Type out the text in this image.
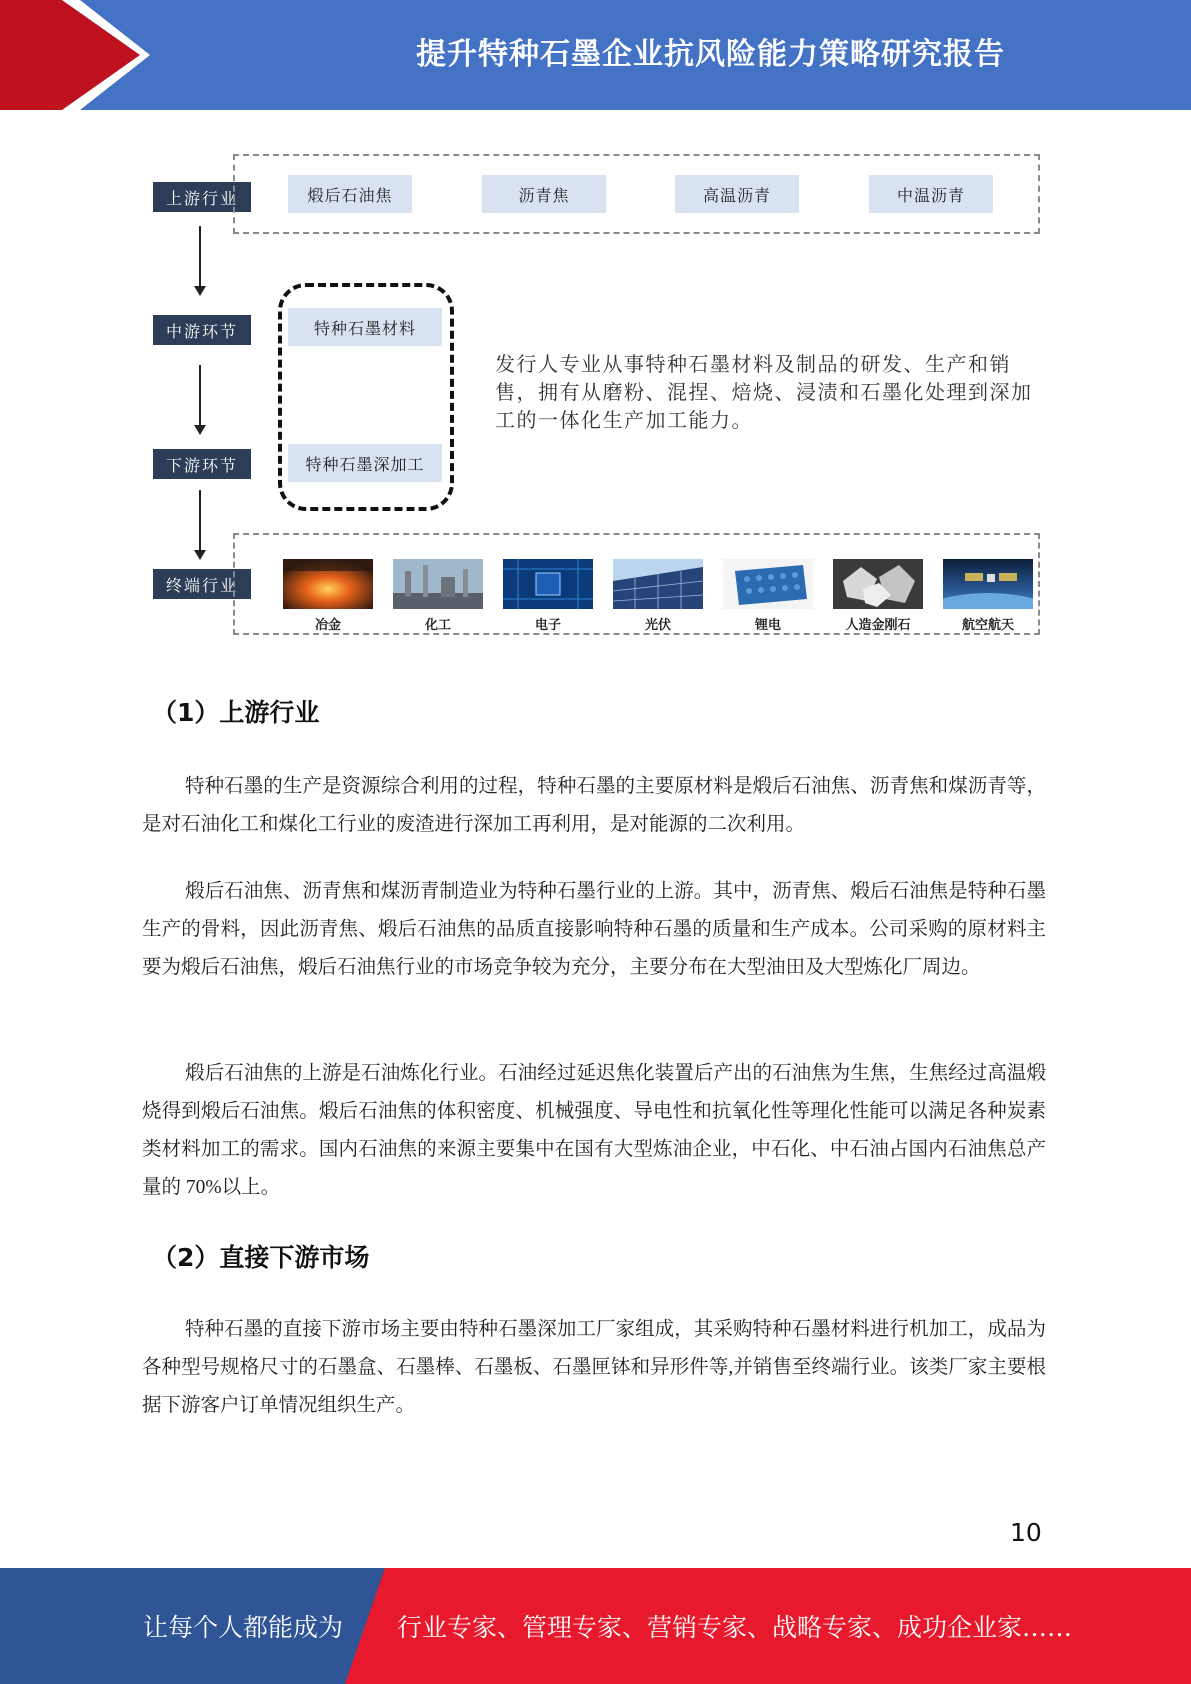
提升特种石墨企业抗风险能力策略研究报告
上游行业
中游环节
下游环节
终端行业
煅后石油焦	沥青焦	高温沥青	中温沥青
特种石墨材料
特种石墨深加工
发行人专业从事特种石墨材料及制品的研发、生产和销售，拥有从磨粉、混捏、焙烧、浸渍和石墨化处理到深加工的一体化生产加工能力。
冶金	化工	电子	光伏	锂电	人造金刚石	航空航天
（1）上游行业

特种石墨的生产是资源综合利用的过程，特种石墨的主要原材料是煅后石油焦、沥青焦和煤沥青等，是对石油化工和煤化工行业的废渣进行深加工再利用，是对能源的二次利用。

煅后石油焦、沥青焦和煤沥青制造业为特种石墨行业的上游。其中，沥青焦、煅后石油焦是特种石墨生产的骨料，因此沥青焦、煅后石油焦的品质直接影响特种石墨的质量和生产成本。公司采购的原材料主要为煅后石油焦，煅后石油焦行业的市场竞争较为充分，主要分布在大型油田及大型炼化厂周边。

煅后石油焦的上游是石油炼化行业。石油经过延迟焦化装置后产出的石油焦为生焦，生焦经过高温煅烧得到煅后石油焦。煅后石油焦的体积密度、机械强度、导电性和抗氧化性等理化性能可以满足各种炭素类材料加工的需求。国内石油焦的来源主要集中在国有大型炼油企业，中石化、中石油占国内石油焦总产量的 70%以上。

（2）直接下游市场

特种石墨的直接下游市场主要由特种石墨深加工厂家组成，其采购特种石墨材料进行机加工，成品为各种型号规格尺寸的石墨盒、石墨棒、石墨板、石墨匣钵和异形件等,并销售至终端行业。该类厂家主要根据下游客户订单情况组织生产。

10
让每个人都能成为 行业专家、管理专家、营销专家、战略专家、成功企业家……
